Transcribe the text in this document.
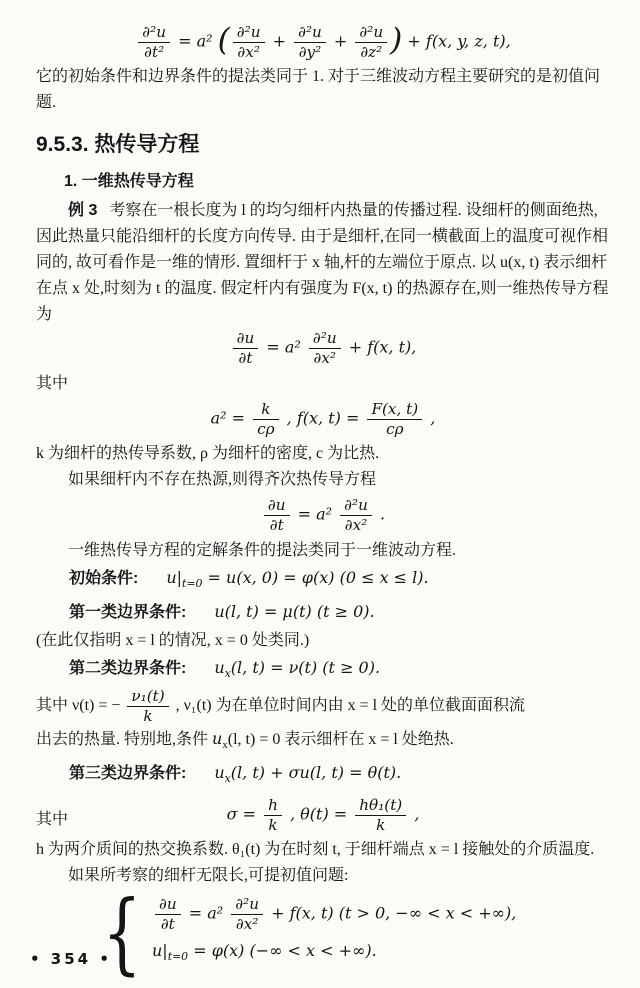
$\frac{\text{∂²u}}{\text{∂t²}} = a^2$ ( $\frac{\text{∂²u}}{\text{∂x²}} + \frac{\text{∂²u}}{\text{∂y²}} + \frac{\text{∂²u}}{\text{∂z²}}$ ) + f(x, y, z, t),

它的初始条件和边界条件的提法类同于 1. 对于三维波动方程主要研究的是初值问题.

9.5.3. 热传导方程

1. 一维热传导方程

例 3 考察在一根长度为 l 的均匀细杆内热量的传播过程. 设细杆的侧面绝热,因此热量只能沿细杆的长度方向传导. 由于是细杆,在同一横截面上的温度可视作相同的, 故可看作是一维的情形. 置细杆于 x 轴,杆的左端位于原点. 以 u(x, t) 表示细杆在点 x 处,时刻为 t 的温度. 假定杆内有强度为 F(x, t) 的热源存在,则一维热传导方程为

$\frac{\partial u}{\partial t} = a^2 \frac{\text{∂²u}}{\text{∂x²}} + f(x$, t),

其中

$a^2 = \frac{k}{c\rho}$ , f(x, $t) = \frac{F(x, t)}{c\rho}$ ,

k 为细杆的热传导系数, ρ 为细杆的密度, c 为比热.

如果细杆内不存在热源,则得齐次热传导方程

$\frac{\partial u}{\partial t} = a^2 \frac{\text{∂²u}}{\text{∂x²}}$ .

一维热传导方程的定解条件的提法类同于一维波动方程.

初始条件: $u|_{t=0} = u(x$, 0) = φ(x) (0 ≤ x ≤ l).

第一类边界条件: u(l, t) = μ(t) (t ≥ 0).

(在此仅指明 x = l 的情况, x = 0 处类同.)

第二类边界条件: $u_x(l$, t) = ν(t) (t ≥ 0).

其中 ν(t) = − $\frac{\text{ν₁(t)}}{k}$ , ν₁(t) 为在单位时间内由 x = l 处的单位截面面积流

出去的热量. 特别地,条件 $u_x(l$, t) = 0 表示细杆在 x = l 处绝热.

第三类边界条件: $u_x(l$, t) + σu(l, t) = θ(t).

其中	$\sigma = \frac{h}{k}$ , $\theta(t) = \frac{\text{hθ₁(t)}}{k}$ ,

h 为两介质间的热交换系数. θ₁(t) 为在时刻 t, 于细杆端点 x = l 接触处的介质温度.

如果所考察的细杆无限长,可提初值问题:

{ $\frac{\partial u}{\partial t} = a^2 \frac{\text{∂²u}}{\text{∂x²}} + f(x$, t) (t > 0, −∞ < x < +∞),
$u|_{t=0} = \varphi(x)$ (−∞ < x < +∞).
• 354 •
